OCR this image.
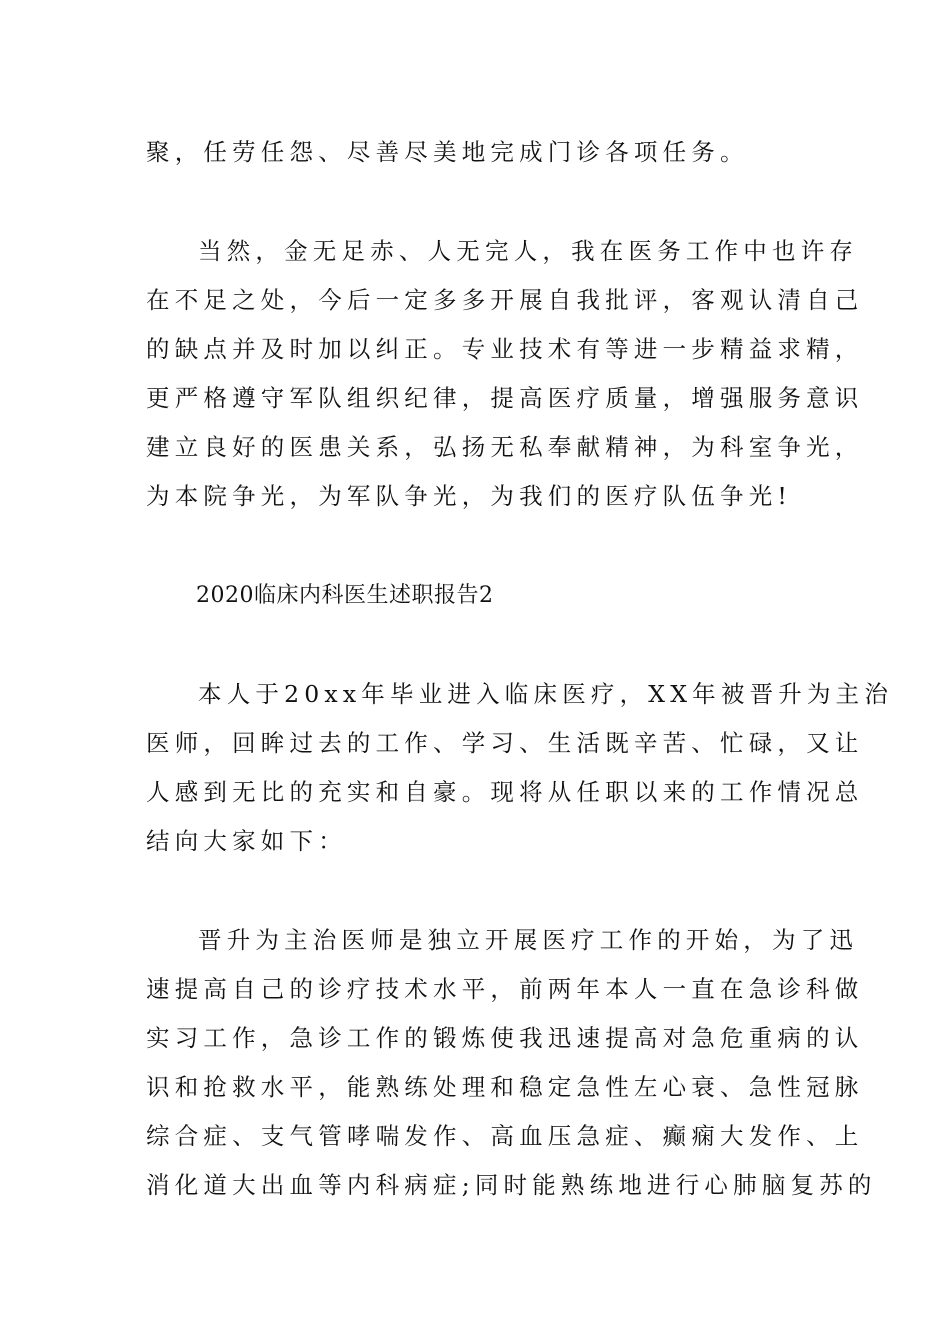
聚，任劳任怨、尽善尽美地完成门诊各项任务。
当然，金无足赤、人无完人，我在医务工作中也许存
在不足之处，今后一定多多开展自我批评，客观认清自己
的缺点并及时加以纠正。专业技术有等进一步精益求精，
更严格遵守军队组织纪律，提高医疗质量，增强服务意识
建立良好的医患关系，弘扬无私奉献精神，为科室争光，
为本院争光，为军队争光，为我们的医疗队伍争光!
2020临床内科医生述职报告2
本人于20xx年毕业进入临床医疗，XX年被晋升为主治
医师，回眸过去的工作、学习、生活既辛苦、忙碌，又让
人感到无比的充实和自豪。现将从任职以来的工作情况总
结向大家如下：
晋升为主治医师是独立开展医疗工作的开始，为了迅
速提高自己的诊疗技术水平，前两年本人一直在急诊科做
实习工作，急诊工作的锻炼使我迅速提高对急危重病的认
识和抢救水平，能熟练处理和稳定急性左心衰、急性冠脉
综合症、支气管哮喘发作、高血压急症、癫痫大发作、上
消化道大出血等内科病症;同时能熟练地进行心肺脑复苏的
